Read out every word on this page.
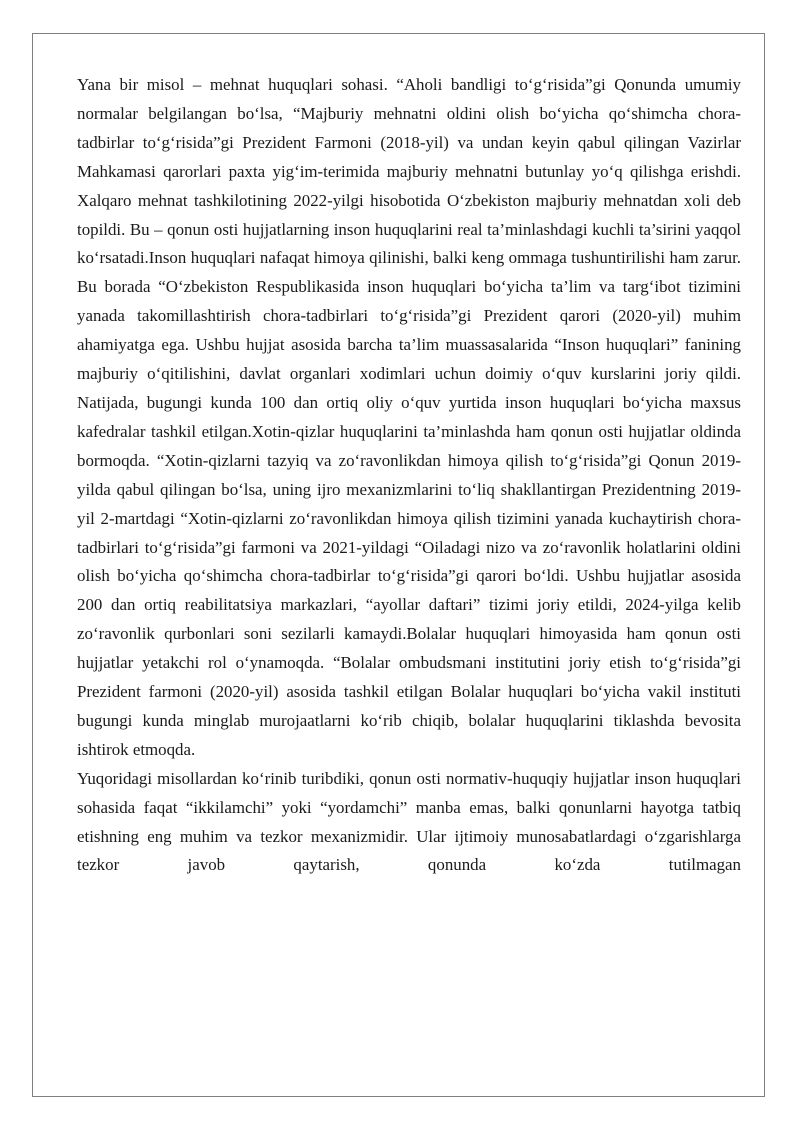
Yana bir misol – mehnat huquqlari sohasi. “Aholi bandligi to‘g‘risida”gi Qonunda umumiy normalar belgilangan bo‘lsa, “Majburiy mehnatni oldini olish bo‘yicha qo‘shimcha chora-tadbirlar to‘g‘risida”gi Prezident Farmoni (2018-yil) va undan keyin qabul qilingan Vazirlar Mahkamasi qarorlari paxta yig‘im-terimida majburiy mehnatni butunlay yo‘q qilishga erishdi. Xalqaro mehnat tashkilotining 2022-yilgi hisobotida O‘zbekiston majburiy mehnatdan xoli deb topildi. Bu – qonun osti hujjatlarning inson huquqlarini real ta’minlashdagi kuchli ta’sirini yaqqol ko‘rsatadi.Inson huquqlari nafaqat himoya qilinishi, balki keng ommaga tushuntirilishi ham zarur. Bu borada “O‘zbekiston Respublikasida inson huquqlari bo‘yicha ta’lim va targ‘ibot tizimini yanada takomillashtirish chora-tadbirlari to‘g‘risida”gi Prezident qarori (2020-yil) muhim ahamiyatga ega. Ushbu hujjat asosida barcha ta’lim muassasalarida “Inson huquqlari” fanining majburiy o‘qitilishini, davlat organlari xodimlari uchun doimiy o‘quv kurslarini joriy qildi. Natijada, bugungi kunda 100 dan ortiq oliy o‘quv yurtida inson huquqlari bo‘yicha maxsus kafedralar tashkil etilgan.Xotin-qizlar huquqlarini ta’minlashda ham qonun osti hujjatlar oldinda bormoqda. “Xotin-qizlarni tazyiq va zo‘ravonlikdan himoya qilish to‘g‘risida”gi Qonun 2019-yilda qabul qilingan bo‘lsa, uning ijro mexanizmlarini to‘liq shakllantirgan Prezidentning 2019-yil 2-martdagi “Xotin-qizlarni zo‘ravonlikdan himoya qilish tizimini yanada kuchaytirish chora-tadbirlari to‘g‘risida”gi farmoni va 2021-yildagi “Oiladagi nizo va zo‘ravonlik holatlarini oldini olish bo‘yicha qo‘shimcha chora-tadbirlar to‘g‘risida”gi qarori bo‘ldi. Ushbu hujjatlar asosida 200 dan ortiq reabilitatsiya markazlari, “ayollar daftari” tizimi joriy etildi, 2024-yilga kelib zo‘ravonlik qurbonlari soni sezilarli kamaydi.Bolalar huquqlari himoyasida ham qonun osti hujjatlar yetakchi rol o‘ynamoqda. “Bolalar ombudsmani institutini joriy etish to‘g‘risida”gi Prezident farmoni (2020-yil) asosida tashkil etilgan Bolalar huquqlari bo‘yicha vakil instituti bugungi kunda minglab murojaatlarni ko‘rib chiqib, bolalar huquqlarini tiklashda bevosita ishtirok etmoqda.

Yuqoridagi misollardan ko‘rinib turibdiki, qonun osti normativ-huquqiy hujjatlar inson huquqlari sohasida faqat “ikkilamchi” yoki “yordamchi” manba emas, balki qonunlarni hayotga tatbiq etishning eng muhim va tezkor mexanizmidir. Ular ijtimoiy munosabatlardagi o‘zgarishlarga tezkor javob qaytarish, qonunda ko‘zda tutilmagan
